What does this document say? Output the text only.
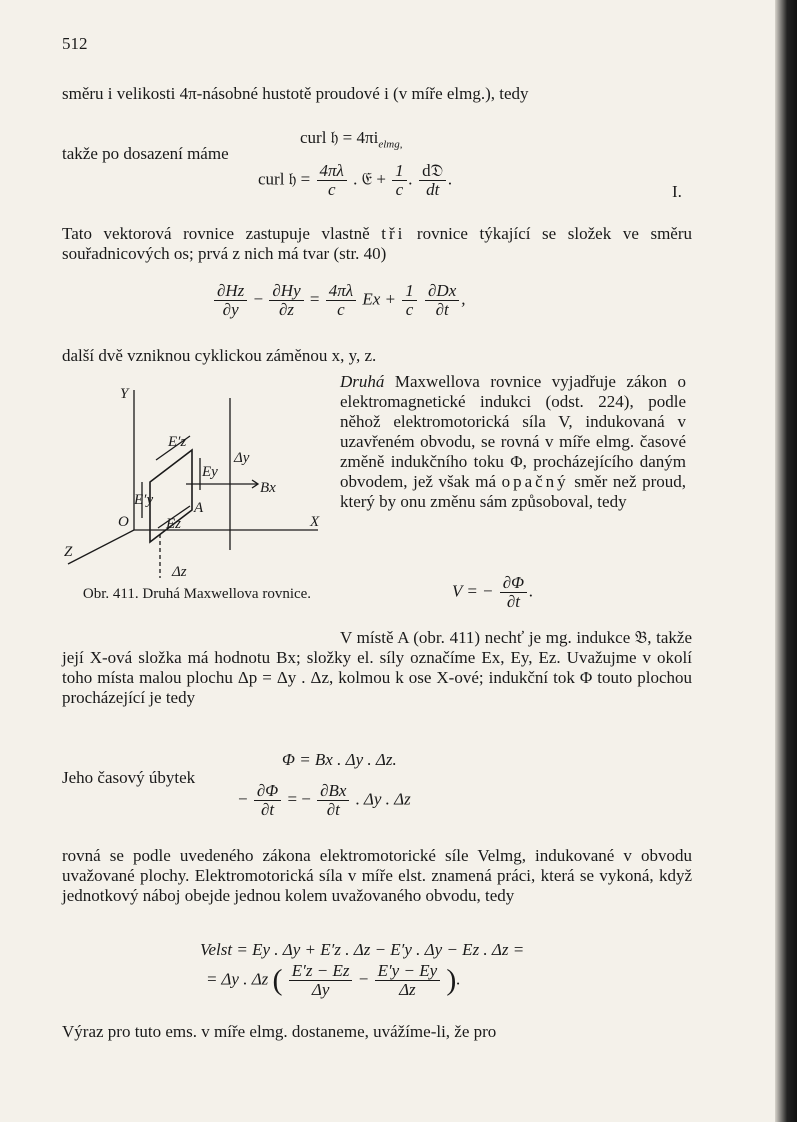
512

směru i velikosti 4π-násobné hustotě proudové i (v míře elmg.), tedy

curl 𝔥 = $4\pi i_{elmg,}$

takže po dosazení máme

curl 𝔥 = $\frac{4\pi\lambda}{c}$ . 𝔈 + $\frac{1}{c}$ . $\frac{\text{d𝔇}}{dt}$ .
I.

Tato vektorová rovnice zastupuje vlastně tři rovnice týkající se složek ve směru souřadnicových os; prvá z nich má tvar (str. 40)

$\frac{\partial Hz}{\partial y} - \frac{\partial Hy}{\partial z} = \frac{4\pi\lambda}{c}$ $Ex + \frac{1}{c}$
$\frac{\partial Dx}{\partial t}$ ,

další dvě vzniknou cyklickou záměnou x, y, z.

Y
X
Z
O
E′z
E′y
Ey
Ez
A
Δy
Δz
Bx
Obr. 411. Druhá Maxwellova rovnice.

Druhá Maxwellova rovnice vyjadřuje zákon o elektromagnetické indukci (odst. 224), podle něhož elektromotorická síla V, indukovaná v uzavřeném obvodu, se rovná v míře elmg. časové změně indukčního toku Φ, procházejícího daným obvodem, jež však má opačný směr než proud, který by onu změnu sám způsoboval, tedy

V = − $\frac{\partial\Phi}{\partial t}$ .

V místě A (obr. 411) nechť je mg. indukce 𝔅, takže její X-ová složka má hodnotu Bx; složky el. síly označíme Ex, Ey, Ez. Uvažujme v okolí toho místa malou plochu Δp = Δy . Δz, kolmou k ose X-ové; indukční tok Φ touto plochou procházející je tedy

Φ = Bx . Δy . Δz.

Jeho časový úbytek

− $\frac{\partial\Phi}{\partial t}$ = − $\frac{\partial Bx}{\partial t}$ . Δy . Δz

rovná se podle uvedeného zákona elektromotorické síle Velmg, indukované v obvodu uvažované plochy. Elektromotorická síla v míře elst. znamená práci, která se vykoná, když jednotkový náboj obejde jednou kolem uvažovaného obvodu, tedy

Velst = Ey . Δy + E′z . Δz − E′y . Δy − Ez . Δz =
= Δy . Δz ( $\frac{E'z - Ez}{\Delta y} - \frac{E'y - Ey}{\Delta z}$ ).

Výraz pro tuto ems. v míře elmg. dostaneme, uvážíme-li, že pro
